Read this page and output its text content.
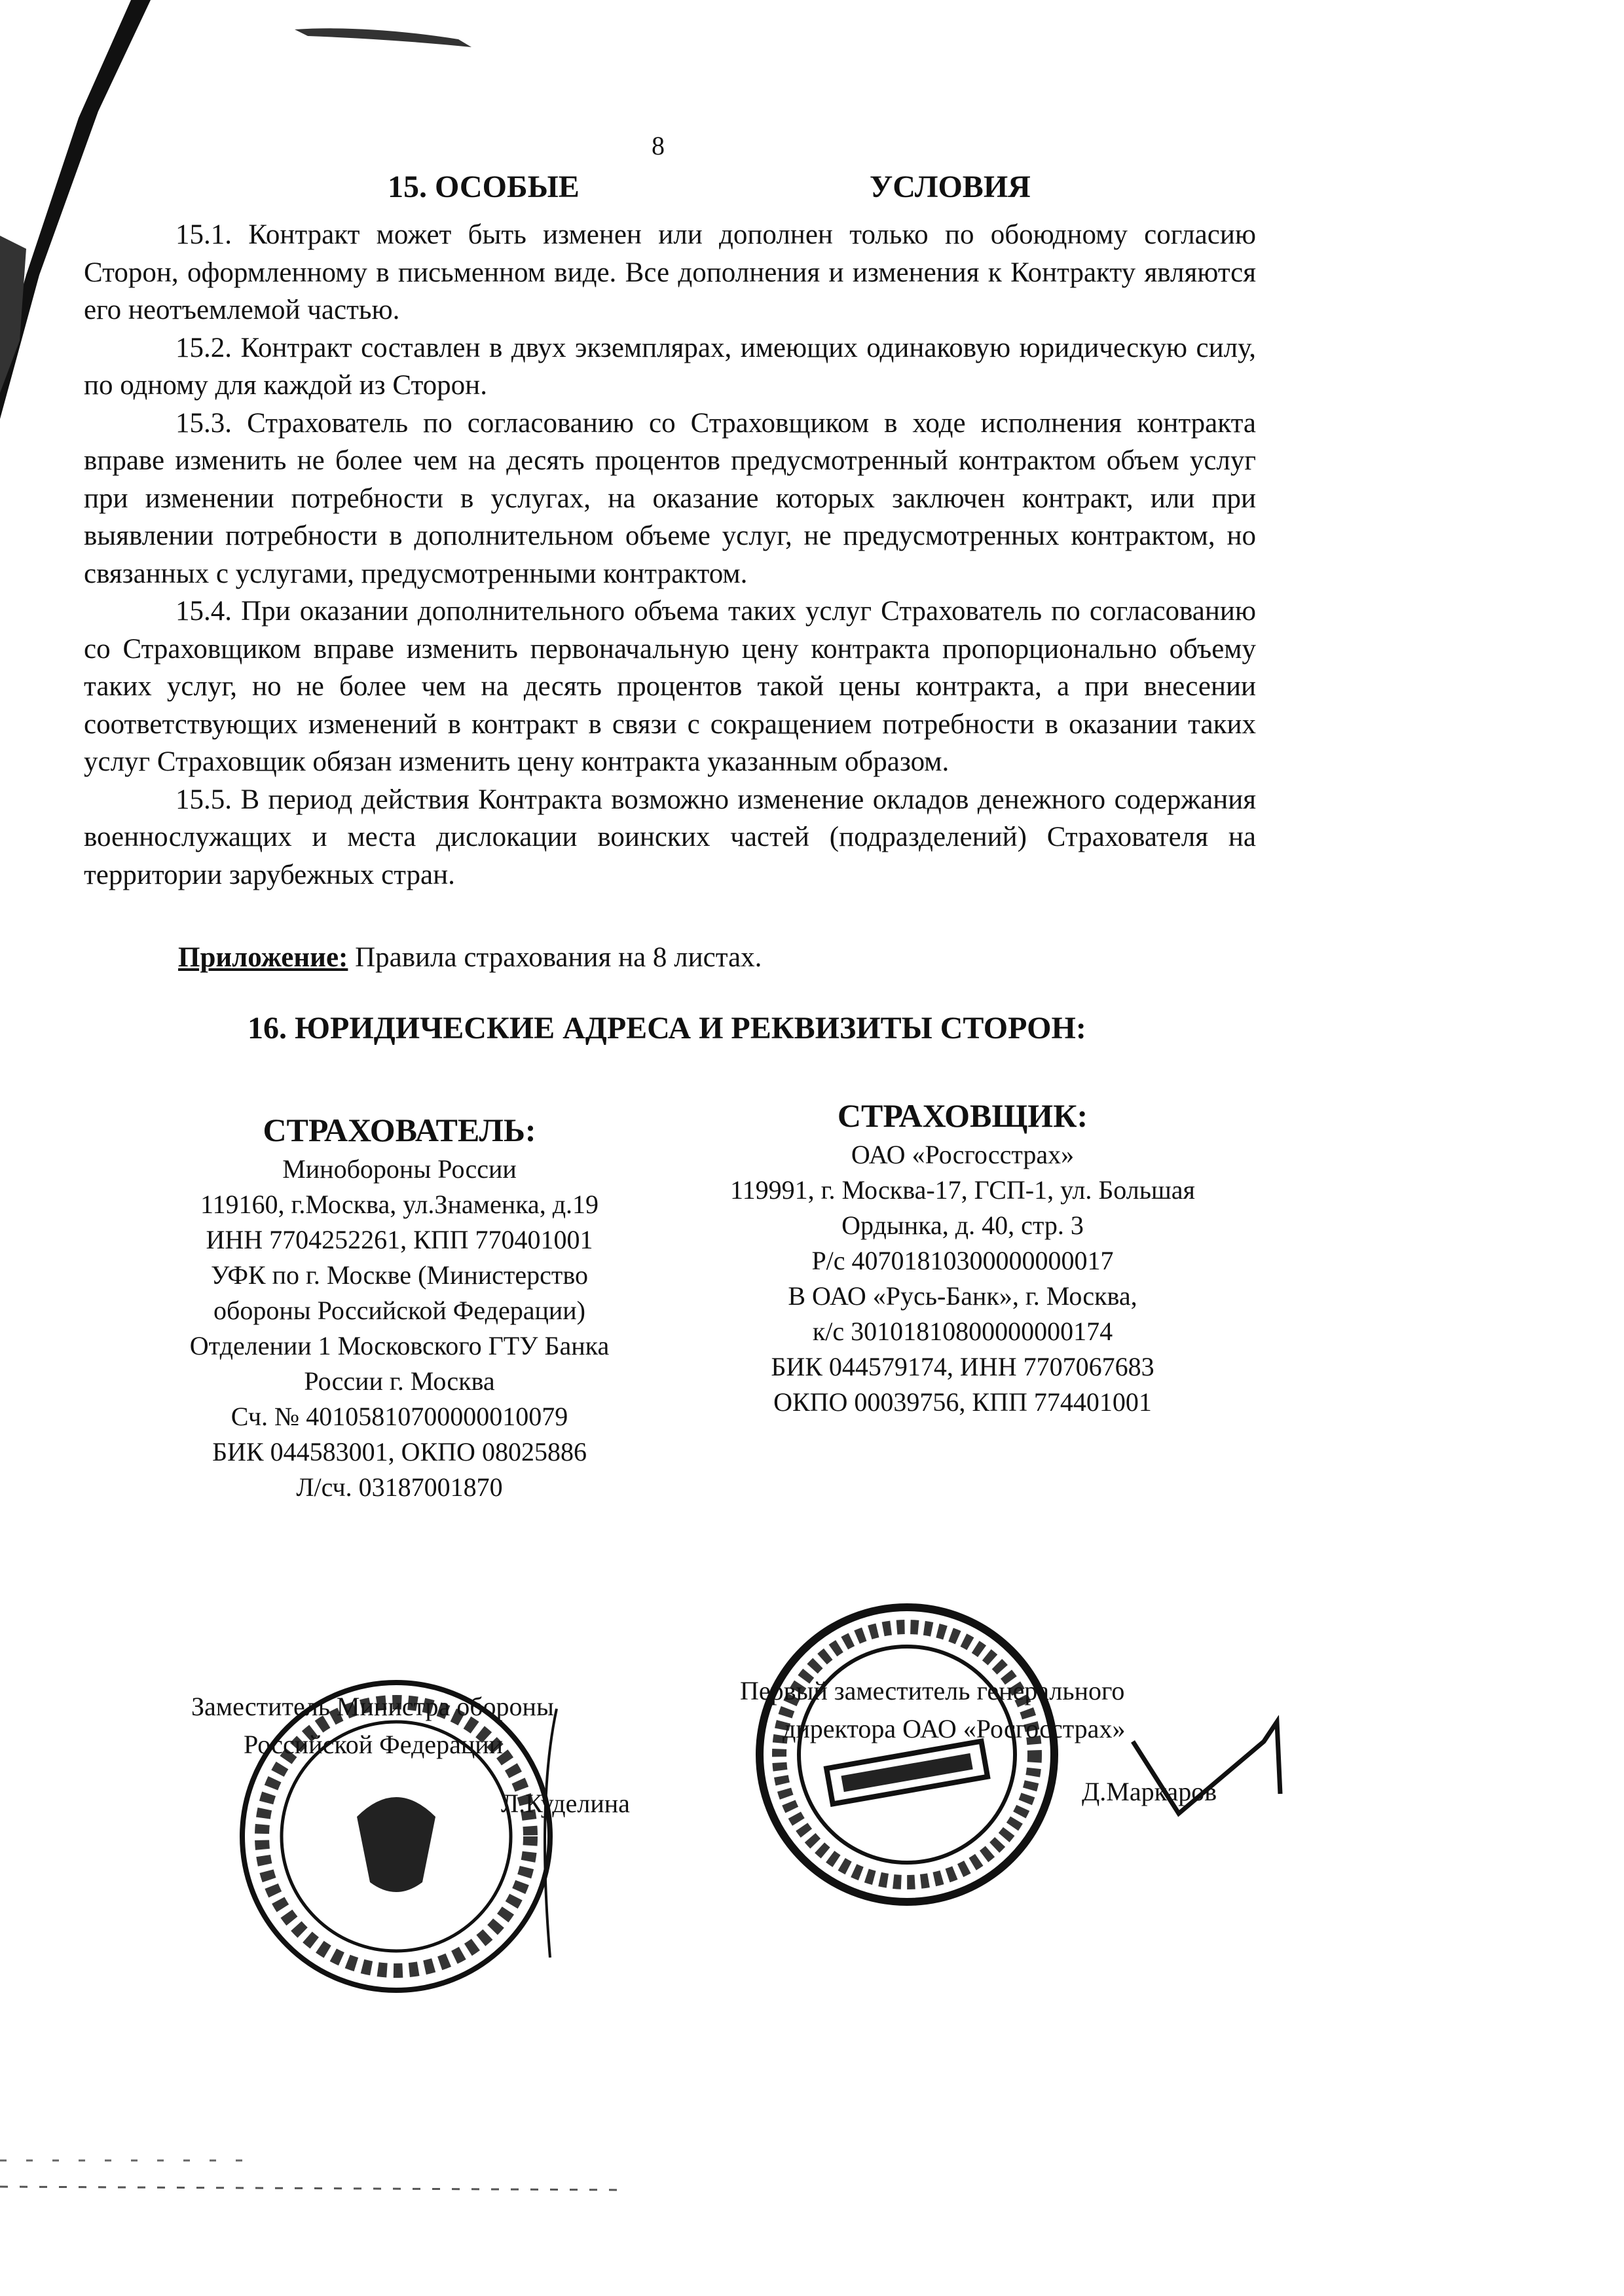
8
15. ОСОБЫЕ	УСЛОВИЯ

15.1. Контракт может быть изменен или дополнен только по обоюдному согласию Сторон, оформленному в письменном виде. Все дополнения и изменения к Контракту являются его неотъемлемой частью.

15.2. Контракт составлен в двух экземплярах, имеющих одинаковую юридическую силу, по одному для каждой из Сторон.

15.3. Страхователь по согласованию со Страховщиком в ходе исполнения контракта вправе изменить не более чем на десять процентов предусмотренный контрактом объем услуг при изменении потребности в услугах, на оказание которых заключен контракт, или при выявлении потребности в дополнительном объеме услуг, не предусмотренных контрактом, но связанных с услугами, предусмотренными контрактом.

15.4. При оказании дополнительного объема таких услуг Страхователь по согласованию со Страховщиком вправе изменить первоначальную цену контракта пропорционально объему таких услуг, но не более чем на десять процентов такой цены контракта, а при внесении соответствующих изменений в контракт в связи с сокращением потребности в оказании таких услуг Страховщик обязан изменить цену контракта указанным образом.

15.5. В период действия Контракта возможно изменение окладов денежного содержания военнослужащих и места дислокации воинских частей (подразделений) Страхователя на территории зарубежных стран.

Приложение: Правила страхования на 8 листах.
16. ЮРИДИЧЕСКИЕ АДРЕСА И РЕКВИЗИТЫ СТОРОН:
СТРАХОВАТЕЛЬ:
Минобороны России
119160, г.Москва, ул.Знаменка, д.19
ИНН 7704252261, КПП 770401001
УФК по г. Москве (Министерство
обороны Российской Федерации)
Отделении 1 Московского ГТУ Банка
России г. Москва
Сч. № 40105810700000010079
БИК 044583001, ОКПО 08025886
Л/сч. 03187001870
СТРАХОВЩИК:
ОАО «Росгосстрах»
119991, г. Москва-17, ГСП-1, ул. Большая
Ордынка, д. 40, стр. 3
Р/с 40701810300000000017
В ОАО «Русь-Банк», г. Москва,
к/с 30101810800000000174
БИК 044579174, ИНН 7707067683
ОКПО 00039756, КПП 774401001
Заместитель Министра обороны
Российской Федерации
Л.Куделина
Первый заместитель генерального
директора ОАО «Росгосстрах»
Д.Маркаров
